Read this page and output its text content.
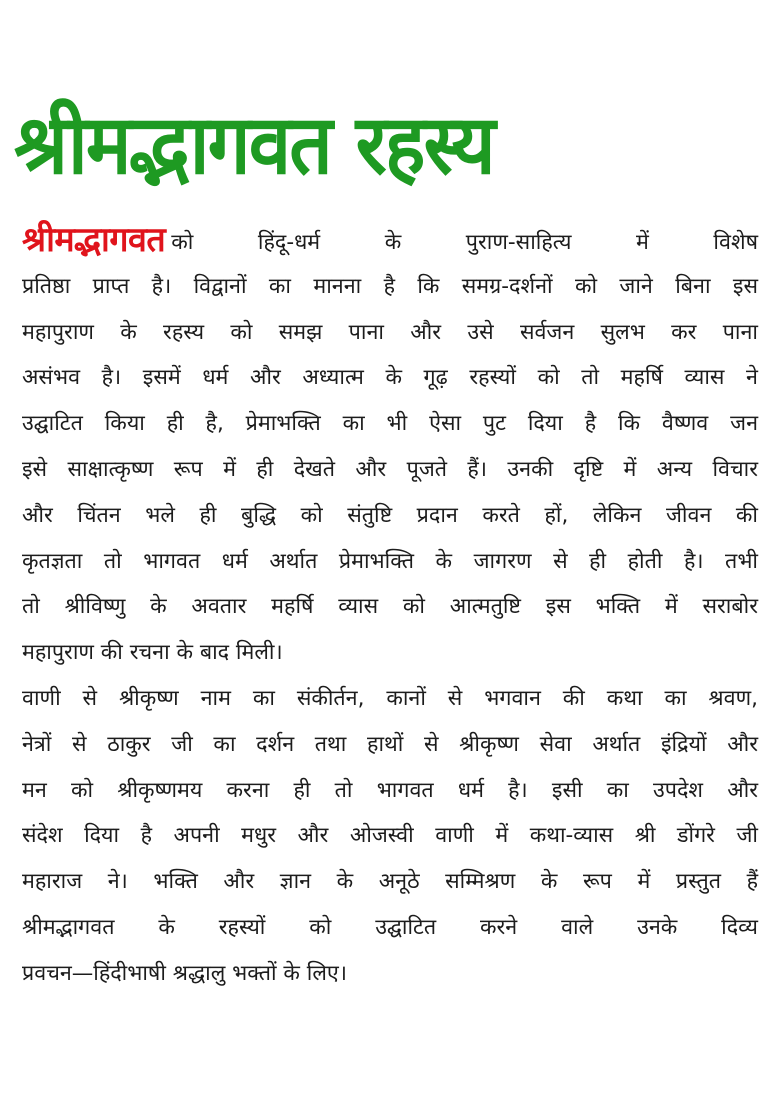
श्रीमद्भागवत रहस्य
श्रीमद्भागवत को हिंदू-धर्म के पुराण-साहित्य में विशेष
प्रतिष्ठा प्राप्त है। विद्वानों का मानना है कि समग्र-दर्शनों को जाने बिना इस
महापुराण के रहस्य को समझ पाना और उसे सर्वजन सुलभ कर पाना
असंभव है। इसमें धर्म और अध्यात्म के गूढ़ रहस्यों को तो महर्षि व्यास ने
उद्घाटित किया ही है, प्रेमाभक्ति का भी ऐसा पुट दिया है कि वैष्णव जन
इसे साक्षात्कृष्ण रूप में ही देखते और पूजते हैं। उनकी दृष्टि में अन्य विचार
और चिंतन भले ही बुद्धि को संतुष्टि प्रदान करते हों, लेकिन जीवन की
कृतज्ञता तो भागवत धर्म अर्थात प्रेमाभक्ति के जागरण से ही होती है। तभी
तो श्रीविष्णु के अवतार महर्षि व्यास को आत्मतुष्टि इस भक्ति में सराबोर
महापुराण की रचना के बाद मिली।
वाणी से श्रीकृष्ण नाम का संकीर्तन, कानों से भगवान की कथा का श्रवण,
नेत्रों से ठाकुर जी का दर्शन तथा हाथों से श्रीकृष्ण सेवा अर्थात इंद्रियों और
मन को श्रीकृष्णमय करना ही तो भागवत धर्म है। इसी का उपदेश और
संदेश दिया है अपनी मधुर और ओजस्वी वाणी में कथा-व्यास श्री डोंगरे जी
महाराज ने। भक्ति और ज्ञान के अनूठे सम्मिश्रण के रूप में प्रस्तुत हैं
श्रीमद्भागवत के रहस्यों को उद्घाटित करने वाले उनके दिव्य
प्रवचन—हिंदीभाषी श्रद्धालु भक्तों के लिए।
